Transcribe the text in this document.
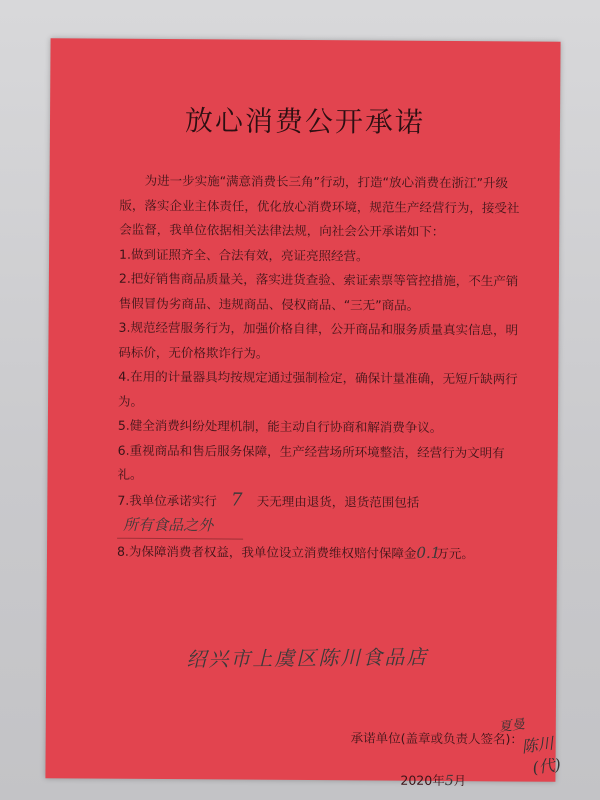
放心消费公开承诺

为进一步实施“满意消费长三角”行动，打造“放心消费在浙江”升级版，落实企业主体责任，优化放心消费环境，规范生产经营行为，接受社会监督，我单位依据相关法律法规，向社会公开承诺如下：

1.做到证照齐全、合法有效，亮证亮照经营。

2.把好销售商品质量关，落实进货查验、索证索票等管控措施，不生产销售假冒伪劣商品、违规商品、侵权商品、“三无”商品。

3.规范经营服务行为，加强价格自律，公开商品和服务质量真实信息，明码标价，无价格欺诈行为。

4.在用的计量器具均按规定通过强制检定，确保计量准确，无短斤缺两行为。

5.健全消费纠纷处理机制，能主动自行协商和解消费争议。

6.重视商品和售后服务保障，生产经营场所环境整洁，经营行为文明有礼。

7.我单位承诺实行 7 天无理由退货，退货范围包括所有食品之外

8.为保障消费者权益，我单位设立消费维权赔付保障金0.1万元。

绍兴市上虞区陈川食品店
承诺单位(盖章或负责人签名)：
夏曼
陈川
(代)
2020年5月
